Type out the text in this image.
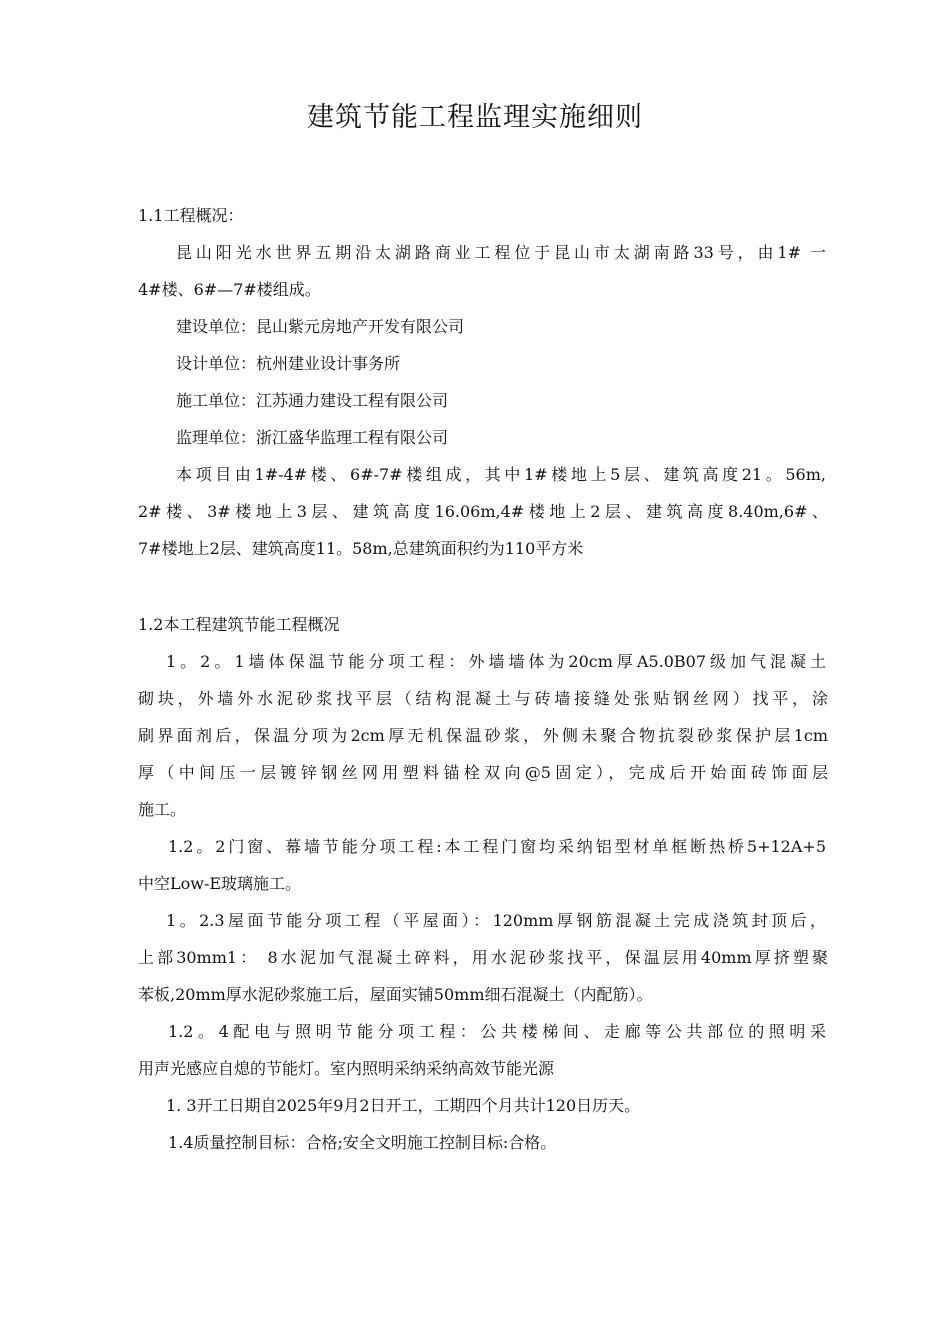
建筑节能工程监理实施细则
1.1工程概况：
昆山阳光水世界五期沿太湖路商业工程位于昆山市太湖南路33号，由1# 一
4#楼、6#—7#楼组成。
建设单位：昆山紫元房地产开发有限公司
设计单位：杭州建业设计事务所
施工单位：江苏通力建设工程有限公司
监理单位：浙江盛华监理工程有限公司
本项目由1#-4#楼、6#-7#楼组成，其中1#楼地上5层、建筑高度21。56m,
2#楼、3#楼地上3层、建筑高度16.06m,4#楼地上2层、建筑高度8.40m,6#、
7#楼地上2层、建筑高度11。58m,总建筑面积约为110平方米
1.2本工程建筑节能工程概况
1。2。1墙体保温节能分项工程：外墙墙体为20cm厚A5.0B07级加气混凝土
砌块，外墙外水泥砂浆找平层（结构混凝土与砖墙接缝处张贴钢丝网）找平，涂
刷界面剂后，保温分项为2cm厚无机保温砂浆，外侧未聚合物抗裂砂浆保护层1cm
厚（中间压一层镀锌钢丝网用塑料锚栓双向@5固定），完成后开始面砖饰面层
施工。
1.2。2门窗、幕墙节能分项工程:本工程门窗均采纳铝型材单框断热桥5+12A+5
中空Low-E玻璃施工。
1。2.3屋面节能分项工程（平屋面）：120mm厚钢筋混凝土完成浇筑封顶后，
上部30mm1： 8水泥加气混凝土碎料，用水泥砂浆找平，保温层用40mm厚挤塑聚
苯板,20mm厚水泥砂浆施工后，屋面实铺50mm细石混凝土（内配筋）。
1.2。4配电与照明节能分项工程：公共楼梯间、走廊等公共部位的照明采
用声光感应自熄的节能灯。室内照明采纳采纳高效节能光源
1. 3开工日期自2025年9月2日开工，工期四个月共计120日历天。
1.4质量控制目标：合格;安全文明施工控制目标:合格。
